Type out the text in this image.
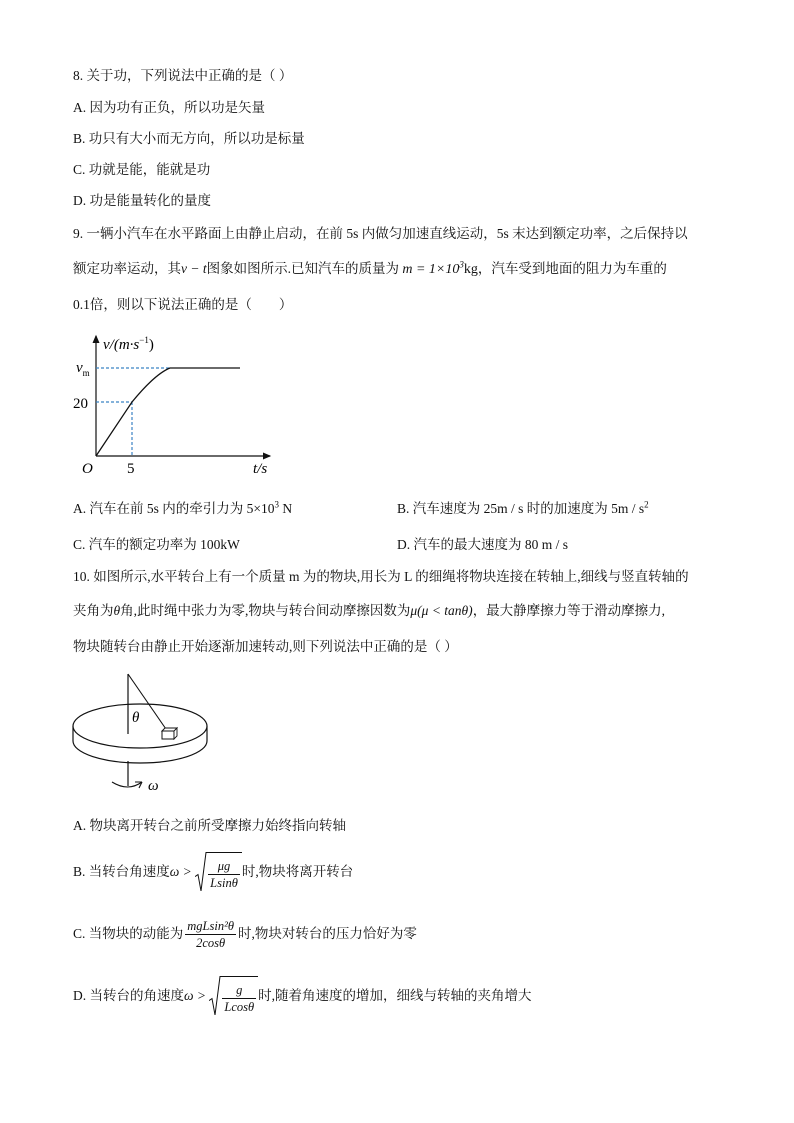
8. 关于功，下列说法中正确的是（ ）
A. 因为功有正负，所以功是矢量
B. 功只有大小而无方向，所以功是标量
C. 功就是能，能就是功
D. 功是能量转化的量度
9. 一辆小汽车在水平路面上由静止启动，在前 5s 内做匀加速直线运动，5s 末达到额定功率，之后保持以
额定功率运动，其v − t图象如图所示.已知汽车的质量为 $m = 1\times 10^3kg$，汽车受到地面的阻力为车重的
0.1倍，则以下说法正确的是（　　）
$v/(m\cdot s^{-1})$
$v_m$
20
O 5	t/s
A. 汽车在前 5s 内的牵引力为 $5\times 10^3$ N	B. 汽车速度为 25m / s 时的加速度为 $5m / s^2$
C. 汽车的额定功率为 100kW	D. 汽车的最大速度为 80 m / s
10. 如图所示,水平转台上有一个质量 m 为的物块,用长为 L 的细绳将物块连接在转轴上,细线与竖直转轴的
夹角为θ角,此时绳中张力为零,物块与转台间动摩擦因数为μ(μ < tanθ)，最大静摩擦力等于滑动摩擦力,
物块随转台由静止开始逐渐加速转动,则下列说法中正确的是（ ）
θ
ω
A. 物块离开转台之前所受摩擦力始终指向转轴
B. 当转台角速度$\omega > \frac{\mu g}{Lsin\theta}$ 时,物块将离开转台
C. 当物块的动能为 $\frac{\text{mgLsin²θ}}{2\cos\theta}$ 时,物块对转台的压力恰好为零
D. 当转台的角速度$\omega > \frac{g}{Lcos\theta}$ 时,随着角速度的增加，细线与转轴的夹角增大
